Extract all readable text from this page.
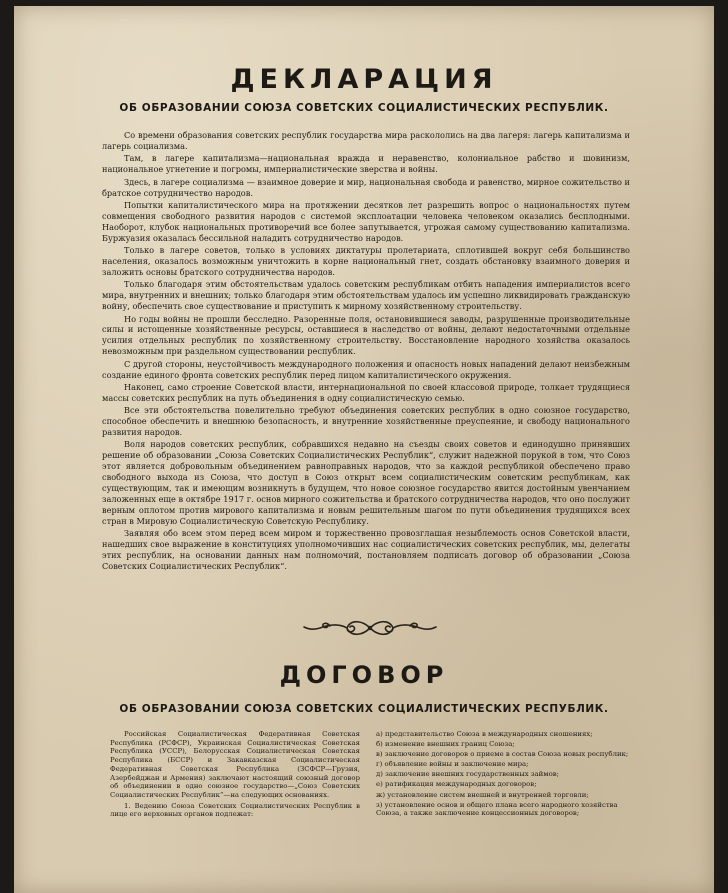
ДЕКЛАРАЦИЯ
ОБ ОБРАЗОВАНИИ СОЮЗА СОВЕТСКИХ СОЦИАЛИСТИЧЕСКИХ РЕСПУБЛИК.

Со времени образования советских республик государства мира раскололись на два лагеря: лагерь капитализма и лагерь социализма.

Там, в лагере капитализма—национальная вражда и неравенство, колониальное рабство и шовинизм, национальное угнетение и погромы, империалистические зверства и войны.

Здесь, в лагере социализма — взаимное доверие и мир, национальная свобода и равенство, мирное сожительство и братское сотрудничество народов.

Попытки капиталистического мира на протяжении десятков лет разрешить вопрос о национальностях путем совмещения свободного развития народов с системой эксплоатации человека человеком оказались бесплодными. Наоборот, клубок национальных противоречий все более запутывается, угрожая самому существованию капитализма. Буржуазия оказалась бессильной наладить сотрудничество народов.

Только в лагере советов, только в условиях диктатуры пролетариата, сплотившей вокруг себя большинство населения, оказалось возможным уничтожить в корне национальный гнет, создать обстановку взаимного доверия и заложить основы братского сотрудничества народов.

Только благодаря этим обстоятельствам удалось советским республикам отбить нападения империалистов всего мира, внутренних и внешних; только благодаря этим обстоятельствам удалось им успешно ликвидировать гражданскую войну, обеспечить свое существование и приступить к мирному хозяйственному строительству.

Но годы войны не прошли бесследно. Разоренные поля, остановившиеся заводы, разрушенные производительные силы и истощенные хозяйственные ресурсы, оставшиеся в наследство от войны, делают недостаточными отдельные усилия отдельных республик по хозяйственному строительству. Восстановление народного хозяйства оказалось невозможным при раздельном существовании республик.

С другой стороны, неустойчивость международного положения и опасность новых нападений делают неизбежным создание единого фронта советских республик перед лицом капиталистического окружения.

Наконец, само строение Советской власти, интернациональной по своей классовой природе, толкает трудящиеся массы советских республик на путь объединения в одну социалистическую семью.

Все эти обстоятельства повелительно требуют объединения советских республик в одно союзное государство, способное обеспечить и внешнюю безопасность, и внутренние хозяйственные преуспеяние, и свободу национального развития народов.

Воля народов советских республик, собравшихся недавно на съезды своих советов и единодушно принявших решение об образовании „Союза Советских Социалистических Республик“, служит надежной порукой в том, что Союз этот является добровольным объединением равноправных народов, что за каждой республикой обеспечено право свободного выхода из Союза, что доступ в Союз открыт всем социалистическим советским республикам, как существующим, так и имеющим возникнуть в будущем, что новое союзное государство явится достойным увенчанием заложенных еще в октябре 1917 г. основ мирного сожительства и братского сотрудничества народов, что оно послужит верным оплотом против мирового капитализма и новым решительным шагом по пути объединения трудящихся всех стран в Мировую Социалистическую Советскую Республику.

Заявляя обо всем этом перед всем миром и торжественно провозглашая незыблемость основ Советской власти, нашедших свое выражение в конституциях уполномочивших нас социалистических советских республик, мы, делегаты этих республик, на основании данных нам полномочий, постановляем подписать договор об образовании „Союза Советских Социалистических Республик“.

ДОГОВОР
ОБ ОБРАЗОВАНИИ СОЮЗА СОВЕТСКИХ СОЦИАЛИСТИЧЕСКИХ РЕСПУБЛИК.

Российская Социалистическая Федеративная Советская Республика (РСФСР), Украинская Социалистическая Советская Республика (УССР), Белорусская Социалистическая Советская Республика (БССР) и Закавказская Социалистическая Федеративная Советская Республика (ЗСФСР—Грузия, Азербейджан и Армения) заключают настоящий союзный договор об объединении в одно союзное государство—„Союз Советских Социалистических Республик“—на следующих основаниях.

1. Ведению Союза Советских Социалистических Республик в лице его верховных органов подлежат:

а) представительство Союза в международных сношениях;
б) изменение внешних границ Союза;
в) заключение договоров о приеме в состав Союза новых республик;
г) объявление войны и заключение мира;
д) заключение внешних государственных займов;
е) ратификация международных договоров;
ж) установление систем внешней и внутренней торговли;
з) установление основ и общего плана всего народного хозяйства Союза, а также заключение концессионных договоров;
